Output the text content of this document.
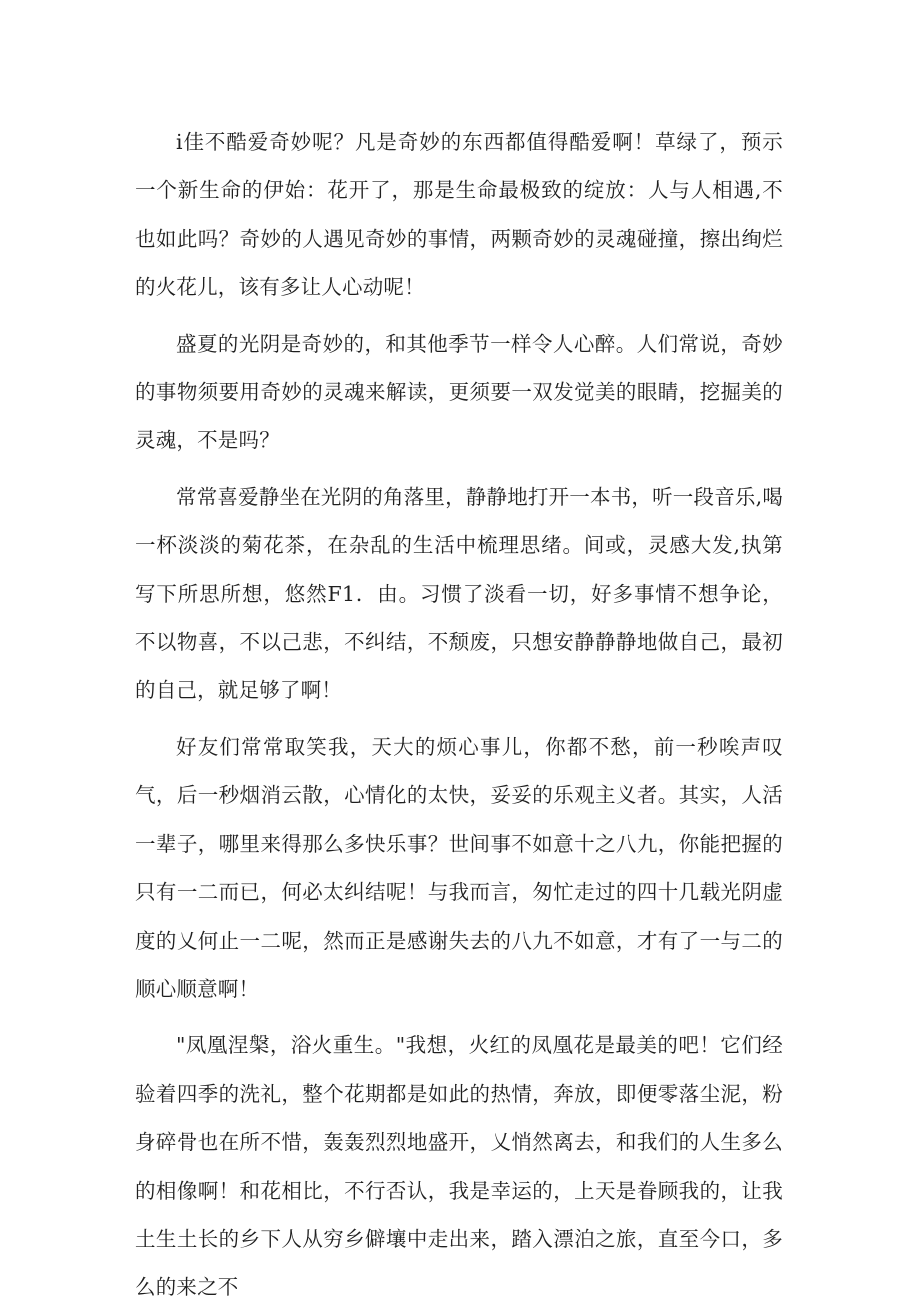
i佳不酷爱奇妙呢？凡是奇妙的东西都值得酷爱啊！草绿了，预示一个新生命的伊始：花开了，那是生命最极致的绽放：人与人相遇,不也如此吗？奇妙的人遇见奇妙的事情，两颗奇妙的灵魂碰撞，擦出绚烂的火花儿，该有多让人心动呢！

盛夏的光阴是奇妙的，和其他季节一样令人心醉。人们常说，奇妙的事物须要用奇妙的灵魂来解读，更须要一双发觉美的眼睛，挖掘美的灵魂，不是吗？

常常喜爱静坐在光阴的角落里，静静地打开一本书，听一段音乐,喝一杯淡淡的菊花茶，在杂乱的生活中梳理思绪。间或，灵感大发,执第写下所思所想，悠然F1．由。习惯了淡看一切，好多事情不想争论，不以物喜，不以己悲，不纠结，不颓废，只想安静静静地做自己，最初的自己，就足够了啊！

好友们常常取笑我，天大的烦心事儿，你都不愁，前一秒唉声叹气，后一秒烟消云散，心情化的太快，妥妥的乐观主义者。其实，人活一辈子，哪里来得那么多快乐事？世间事不如意十之八九，你能把握的只有一二而已，何必太纠结呢！与我而言，匆忙走过的四十几载光阴虚度的乂何止一二呢，然而正是感谢失去的八九不如意，才有了一与二的顺心顺意啊！

"凤凰涅槃，浴火重生。"我想，火红的凤凰花是最美的吧！它们经验着四季的洗礼，整个花期都是如此的热情，奔放，即便零落尘泥，粉身碎骨也在所不惜，轰轰烈烈地盛开，乂悄然离去，和我们的人生多么的相像啊！和花相比，不行否认，我是幸运的，上天是眷顾我的，让我土生土长的乡下人从穷乡僻壤中走出来，踏入漂泊之旅，直至今口，多么的来之不
